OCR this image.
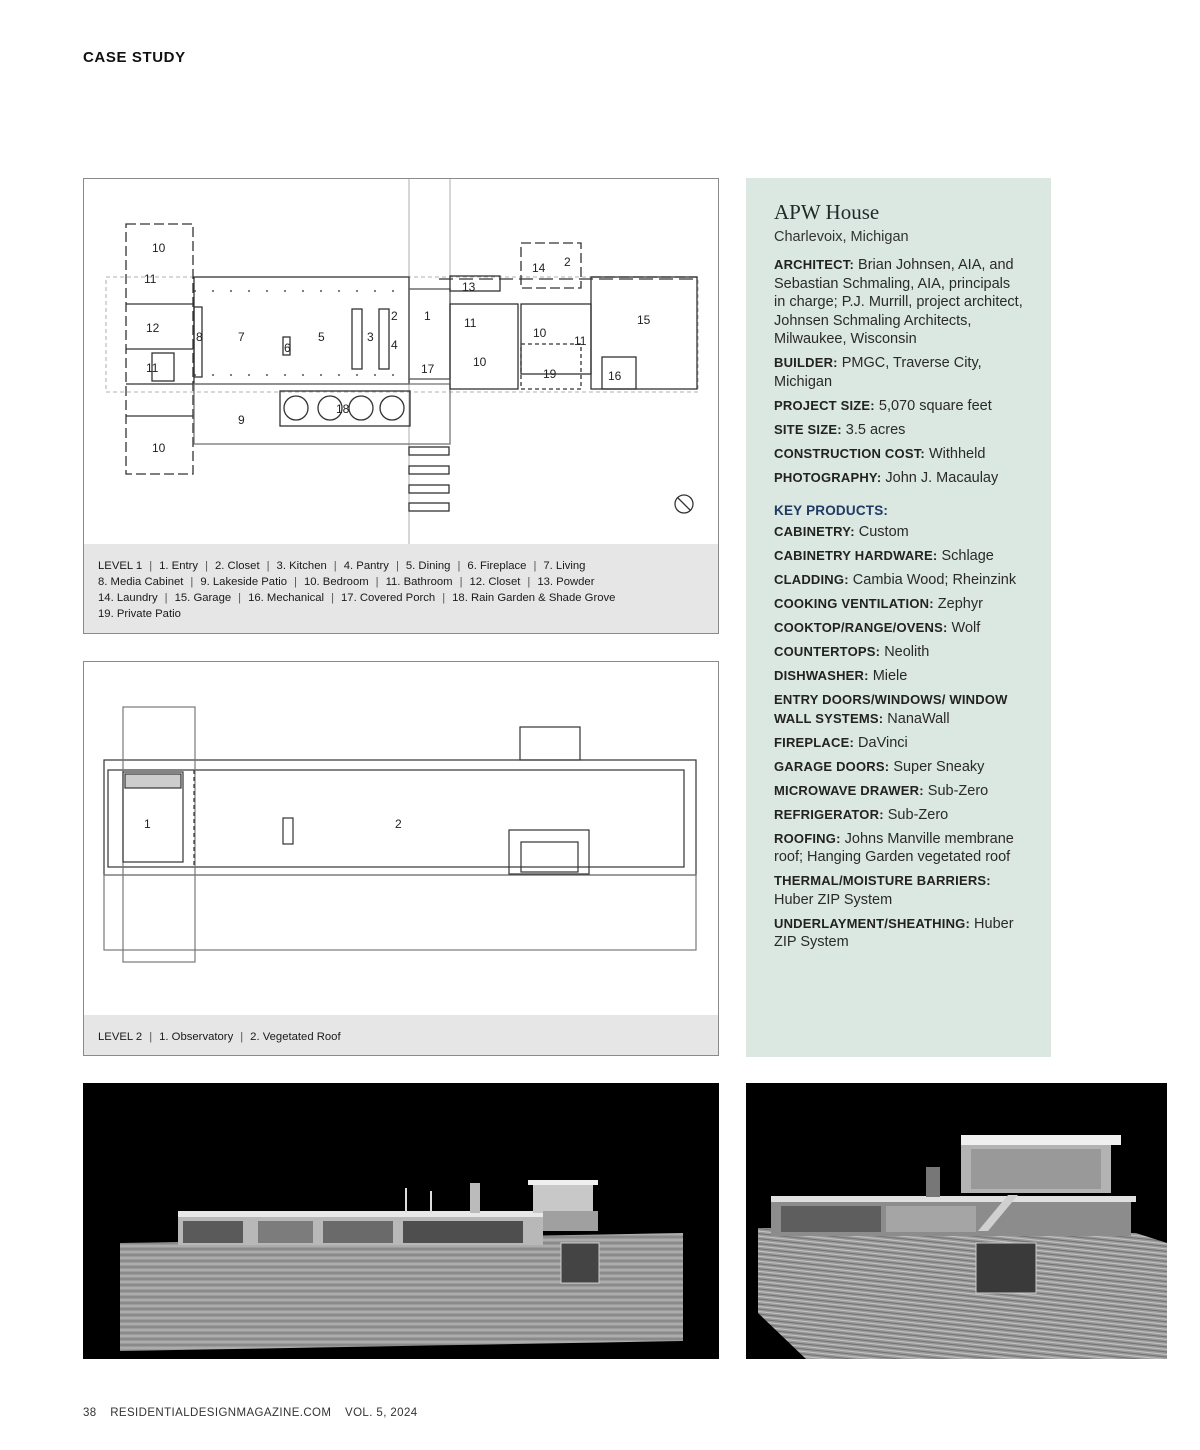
CASE STUDY
10
11
12
8	7
6
5	3
2
4
1
17
9
18
11
10
13
14 2
10
11
19	16
15
11
10
LEVEL 1 | 1. Entry | 2. Closet | 3. Kitchen | 4. Pantry | 5. Dining | 6. Fireplace | 7. Living
8. Media Cabinet | 9. Lakeside Patio | 10. Bedroom | 11. Bathroom | 12. Closet | 13. Powder
14. Laundry | 15. Garage | 16. Mechanical | 17. Covered Porch | 18. Rain Garden & Shade Grove
19. Private Patio
1	2
LEVEL 2 | 1. Observatory | 2. Vegetated Roof
APW House
Charlevoix, Michigan
ARCHITECT: Brian Johnsen, AIA, and Sebastian Schmaling, AIA, principals in charge; P.J. Murrill, project architect, Johnsen Schmaling Architects, Milwaukee, Wisconsin
BUILDER: PMGC, Traverse City, Michigan
PROJECT SIZE: 5,070 square feet
SITE SIZE: 3.5 acres
CONSTRUCTION COST: Withheld
PHOTOGRAPHY: John J. Macaulay
KEY PRODUCTS:
CABINETRY: Custom
CABINETRY HARDWARE: Schlage
CLADDING: Cambia Wood; Rheinzink
COOKING VENTILATION: Zephyr
COOKTOP/RANGE/OVENS: Wolf
COUNTERTOPS: Neolith
DISHWASHER: Miele
ENTRY DOORS/WINDOWS/ WINDOW WALL SYSTEMS: NanaWall
FIREPLACE: DaVinci
GARAGE DOORS: Super Sneaky
MICROWAVE DRAWER: Sub-Zero
REFRIGERATOR: Sub-Zero
ROOFING: Johns Manville membrane roof; Hanging Garden vegetated roof
THERMAL/MOISTURE BARRIERS: Huber ZIP System
UNDERLAYMENT/SHEATHING: Huber ZIP System
38 RESIDENTIALDESIGNMAGAZINE.COM VOL. 5, 2024
